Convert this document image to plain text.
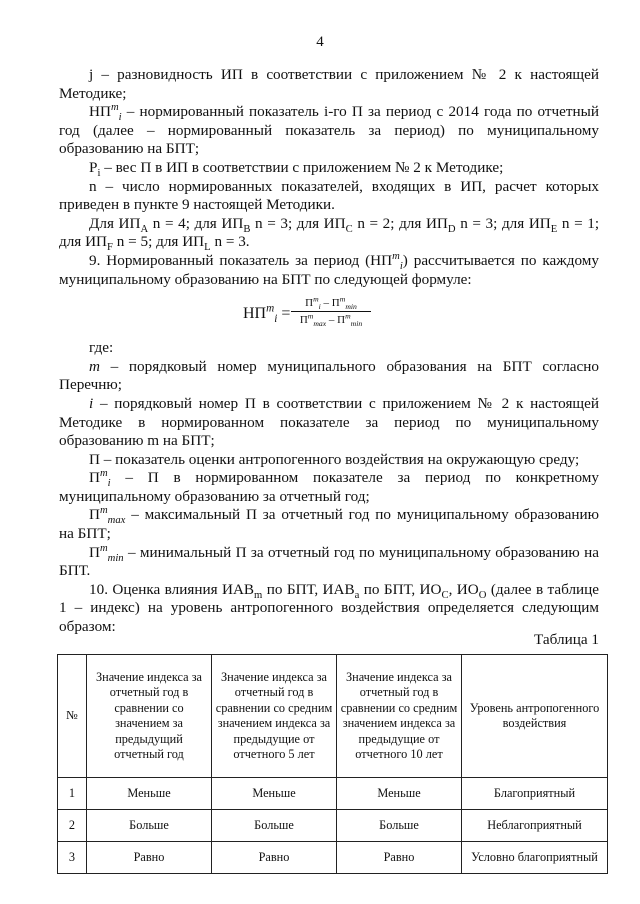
4

j – разновидность ИП в соответствии с приложением № 2 к настоящей Методике;

$НП^m_i$ – нормированный показатель i-го П за период с 2014 года по отчетный год (далее – нормированный показатель за период) по муниципальному образованию на БПТ;

$P_i$ – вес П в ИП в соответствии с приложением № 2 к Методике;

n – число нормированных показателей, входящих в ИП, расчет которых приведен в пункте 9 настоящей Методики.

Для $ИП_A$ n = 4; для $ИП_B$ n = 3; для $ИП_C$ n = 2; для $ИП_D$ n = 3; для $ИП_E$ n = 1; для $ИП_F$ n = 5; для $ИП_L$ n = 3.

9. Нормированный показатель за период $(НП^m_i)$ рассчитывается по каждому муниципальному образованию на БПТ по следующей формуле:

$НП^m_i$ =
$П^m_i - П^m_{min}$
$П^m_{max} - П^m_{min}$

где:

m – порядковый номер муниципального образования на БПТ согласно Перечню;

i – порядковый номер П в соответствии с приложением № 2 к настоящей Методике в нормированном показателе за период по муниципальному образованию m на БПТ;

П – показатель оценки антропогенного воздействия на окружающую среду;

$П^m_i$ – П в нормированном показателе за период по конкретному муниципальному образованию за отчетный год;

$П^m_{max}$ – максимальный П за отчетный год по муниципальному образованию на БПТ;

$П^m_{min}$ – минимальный П за отчетный год по муниципальному образованию на БПТ.

10. Оценка влияния $ИАВ_m$ по БПТ, $ИАВ_a$ по БПТ, $ИО_C$, $ИО_O$ (далее в таблице 1 – индекс) на уровень антропогенного воздействия определяется следующим образом:

Таблица 1
№	Значение индекса за отчетный год в сравнении со значением за предыдущий отчетный год	Значение индекса за отчетный год в сравнении со средним значением индекса за предыдущие от отчетного 5 лет	Значение индекса за отчетный год в сравнении со средним значением индекса за предыдущие от отчетного 10 лет	Уровень антропогенного воздействия
1	Меньше	Меньше	Меньше	Благоприятный
2	Больше	Больше	Больше	Неблагоприятный
3	Равно	Равно	Равно	Условно благоприятный
